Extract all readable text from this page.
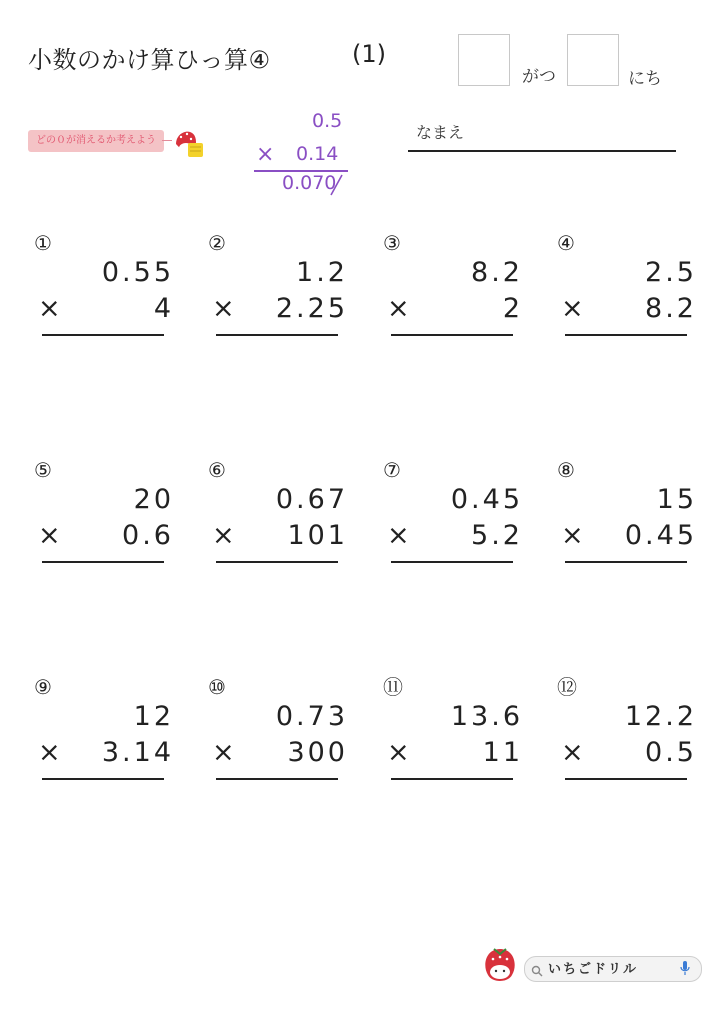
小数のかけ算ひっ算④	(1)
がつ	にち
どの０が消えるか考えよう
0.5
× 0.14
0.070
なまえ
①
0.55
×	4
②
1.2
× 2.25
③
8.2
×	2
④
2.5
× 8.2
⑤
20
× 0.6
⑥
0.67
× 101
⑦
0.45
× 5.2
⑧
15
× 0.45
⑨
12
× 3.14
⑩
0.73
× 300
⑪
13.6
×	11
⑫
12.2
× 0.5
いちごドリル
